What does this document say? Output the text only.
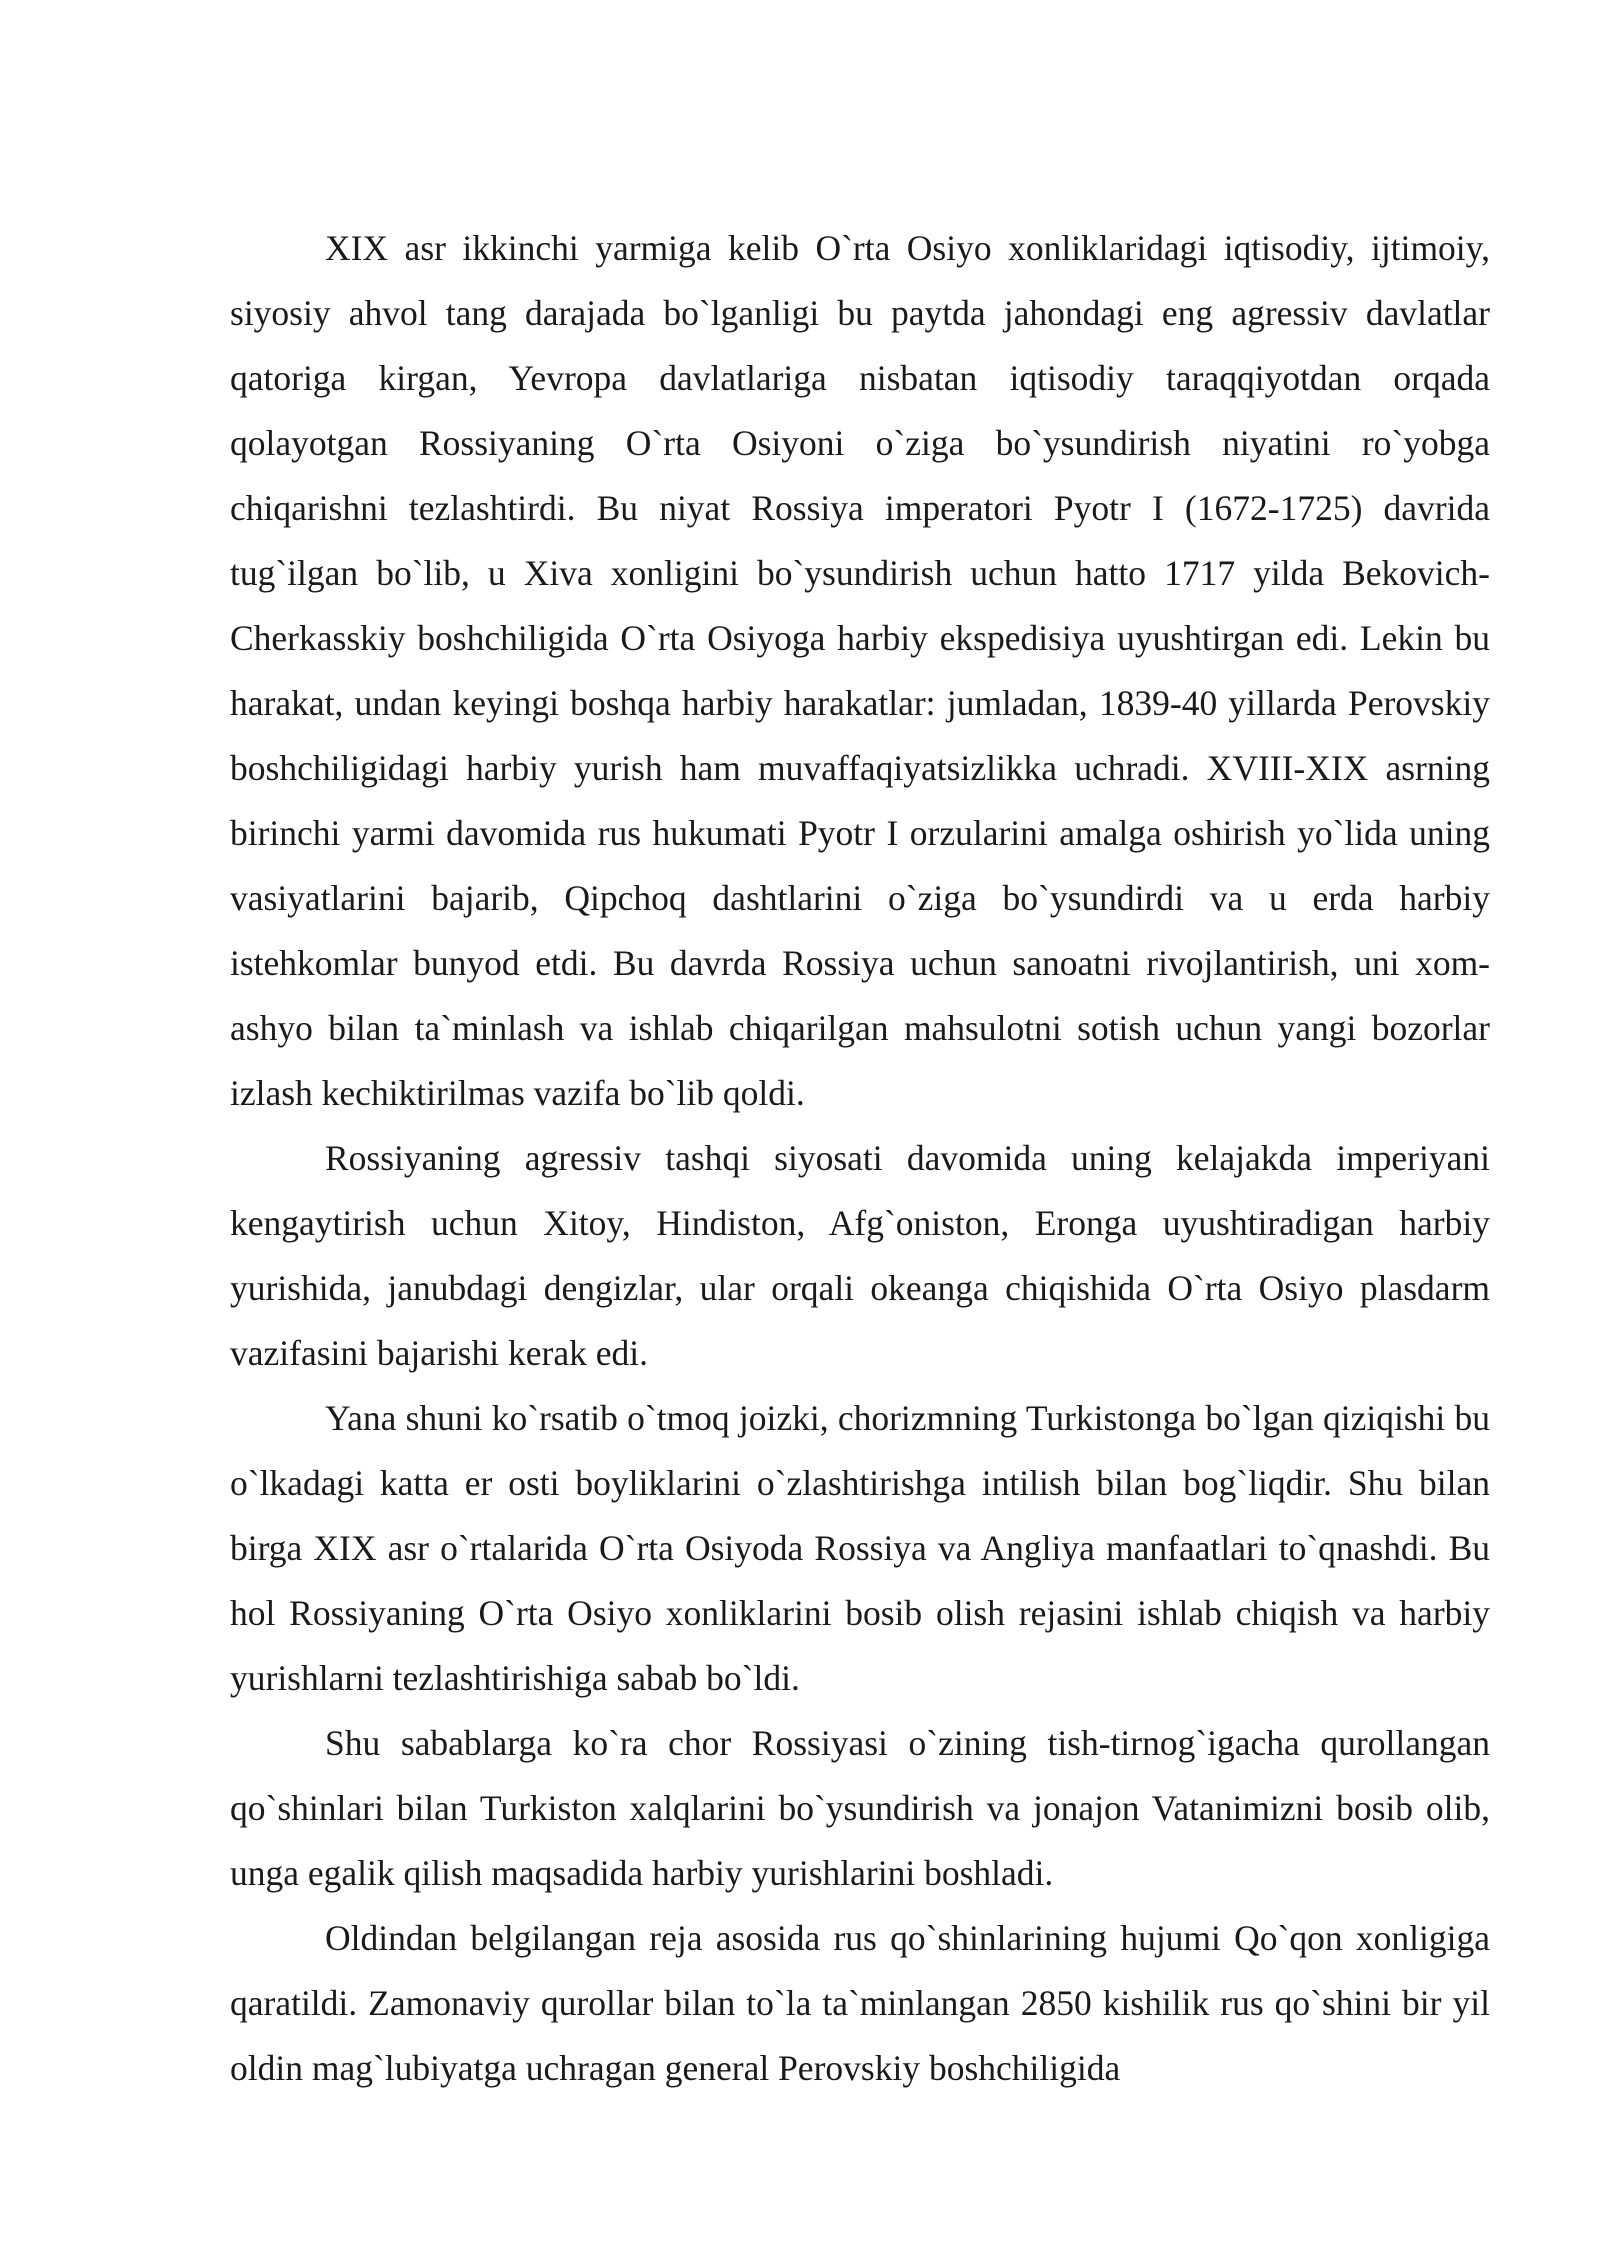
XIX asr ikkinchi yarmiga kelib O`rta Osiyo xonliklaridagi iqtisodiy, ijtimoiy, siyosiy ahvol tang darajada bo`lganligi bu paytda jahondagi eng agressiv davlatlar qatoriga kirgan, Yevropa davlatlariga nisbatan iqtisodiy taraqqiyotdan orqada qolayotgan Rossiyaning O`rta Osiyoni o`ziga bo`ysundirish niyatini ro`yobga chiqarishni tezlashtirdi. Bu niyat Rossiya imperatori Pyotr I (1672-1725) davrida tug`ilgan bo`lib, u Xiva xonligini bo`ysundirish uchun hatto 1717 yilda Bekovich-Cherkasskiy boshchiligida O`rta Osiyoga harbiy ekspedisiya uyushtirgan edi. Lekin bu harakat, undan keyingi boshqa harbiy harakatlar: jumladan, 1839-40 yillarda Perovskiy boshchiligidagi harbiy yurish ham muvaffaqiyatsizlikka uchradi. XVIII-XIX asrning birinchi yarmi davomida rus hukumati Pyotr I orzularini amalga oshirish yo`lida uning vasiyatlarini bajarib, Qipchoq dashtlarini o`ziga bo`ysundirdi va u erda harbiy istehkomlar bunyod etdi. Bu davrda Rossiya uchun sanoatni rivojlantirish, uni xom-ashyo bilan ta`minlash va ishlab chiqarilgan mahsulotni sotish uchun yangi bozorlar izlash kechiktirilmas vazifa bo`lib qoldi.

Rossiyaning agressiv tashqi siyosati davomida uning kelajakda imperiyani kengaytirish uchun Xitoy, Hindiston, Afg`oniston, Eronga uyushtiradigan harbiy yurishida, janubdagi dengizlar, ular orqali okeanga chiqishida O`rta Osiyo plasdarm vazifasini bajarishi kerak edi.

Yana shuni ko`rsatib o`tmoq joizki, chorizmning Turkistonga bo`lgan qiziqishi bu o`lkadagi katta er osti boyliklarini o`zlashtirishga intilish bilan bog`liqdir. Shu bilan birga XIX asr o`rtalarida O`rta Osiyoda Rossiya va Angliya manfaatlari to`qnashdi. Bu hol Rossiyaning O`rta Osiyo xonliklarini bosib olish rejasini ishlab chiqish va harbiy yurishlarni tezlashtirishiga sabab bo`ldi.

Shu sabablarga ko`ra chor Rossiyasi o`zining tish-tirnog`igacha qurollangan qo`shinlari bilan Turkiston xalqlarini bo`ysundirish va jonajon Vatanimizni bosib olib, unga egalik qilish maqsadida harbiy yurishlarini boshladi.

Oldindan belgilangan reja asosida rus qo`shinlarining hujumi Qo`qon xonligiga qaratildi. Zamonaviy qurollar bilan to`la ta`minlangan 2850 kishilik rus qo`shini bir yil oldin mag`lubiyatga uchragan general Perovskiy boshchiligida
